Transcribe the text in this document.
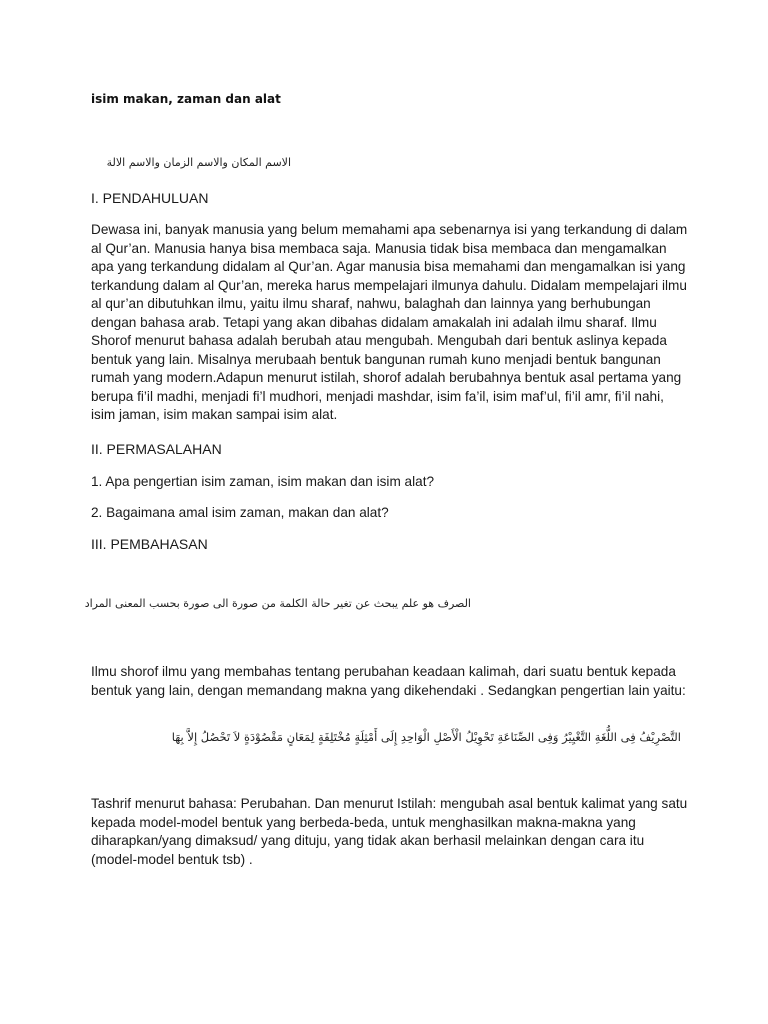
isim makan, zaman dan alat
الاسم المكان والاسم الزمان والاسم الالة
I. PENDAHULUAN
Dewasa ini, banyak manusia yang belum memahami apa sebenarnya isi yang terkandung di dalam al Qur’an. Manusia hanya bisa membaca saja. Manusia tidak bisa membaca dan mengamalkan apa yang terkandung didalam al Qur’an. Agar manusia bisa memahami dan mengamalkan isi yang terkandung dalam al Qur’an, mereka harus mempelajari ilmunya dahulu. Didalam mempelajari ilmu al qur’an dibutuhkan ilmu, yaitu ilmu sharaf, nahwu, balaghah dan lainnya yang berhubungan dengan bahasa arab. Tetapi yang akan dibahas didalam amakalah ini adalah ilmu sharaf. Ilmu Shorof menurut bahasa adalah berubah atau mengubah. Mengubah dari bentuk aslinya kepada bentuk yang lain. Misalnya merubaah bentuk bangunan rumah kuno menjadi bentuk bangunan rumah yang modern.Adapun menurut istilah, shorof adalah berubahnya bentuk asal pertama yang berupa fi’il madhi, menjadi fi’l mudhori, menjadi mashdar, isim fa’il, isim maf’ul, fi’il amr, fi’il nahi, isim jaman, isim makan sampai isim alat.
II. PERMASALAHAN
1. Apa pengertian isim zaman, isim makan dan isim alat?
2. Bagaimana amal isim zaman, makan dan alat?
III. PEMBAHASAN
الصرف هو علم يبحث عن تغير حالة الكلمة من صورة الى صورة بحسب المعنى المراد
Ilmu shorof ilmu yang membahas tentang perubahan keadaan kalimah, dari suatu bentuk kepada bentuk yang lain, dengan memandang makna yang dikehendaki . Sedangkan pengertian lain yaitu:
التَّصْرِيْفُ فِى اللُّغَةِ التَّغْيِيْرُ وَفِى الصِّنَاعَةِ تَحْوِيْلُ الْأَصْلِ الْوَاحِدِ إِلَى أَمْثِلَةٍ مُخْتَلِفَةٍ لِمَعَانٍ مَقْصُوْدَةٍ لاَ تَحْصُلُ إِلاَّ بِهَا
Tashrif menurut bahasa: Perubahan. Dan menurut Istilah: mengubah asal bentuk kalimat yang satu kepada model-model bentuk yang berbeda-beda, untuk menghasilkan makna-makna yang diharapkan/yang dimaksud/ yang dituju, yang tidak akan berhasil melainkan dengan cara itu (model-model bentuk tsb) .
